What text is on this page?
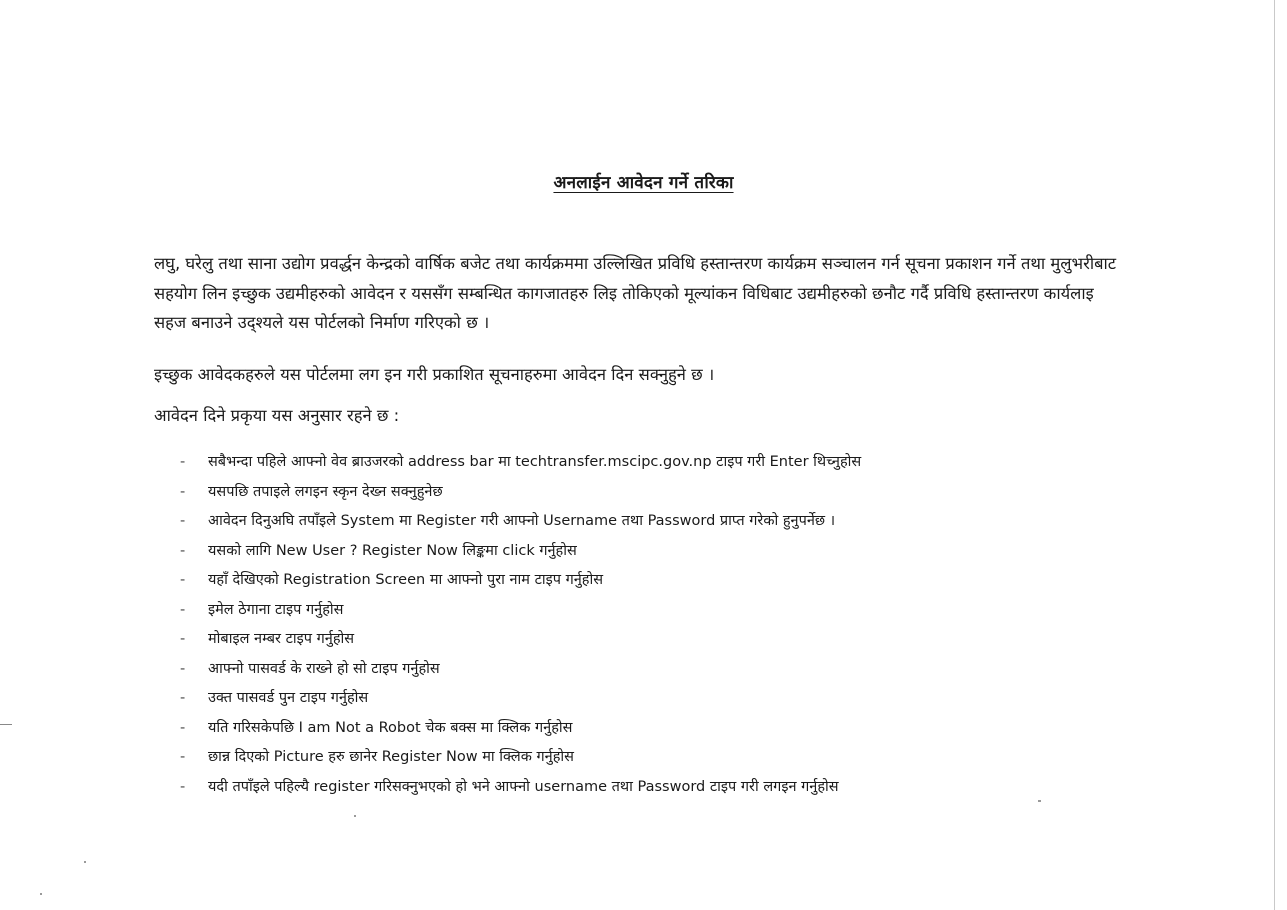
अनलाईन आवेदन गर्ने तरिका
लघु, घरेलु तथा साना उद्योग प्रवर्द्धन केन्द्रको वार्षिक बजेट तथा कार्यक्रममा उल्लिखित प्रविधि हस्तान्तरण कार्यक्रम सञ्चालन गर्न सूचना प्रकाशन गर्ने तथा मुलुभरीबाट सहयोग लिन इच्छुक उद्यमीहरुको आवेदन र यससँग सम्बन्धित कागजातहरु लिइ तोकिएको मूल्यांकन विधिबाट उद्यमीहरुको छनौट गर्दै प्रविधि हस्तान्तरण कार्यलाइ सहज बनाउने उद्श्यले यस पोर्टलको निर्माण गरिएको छ ।
इच्छुक आवेदकहरुले यस पोर्टलमा लग इन गरी प्रकाशित सूचनाहरुमा आवेदन दिन सक्नुहुने छ ।
आवेदन दिने प्रकृया यस अनुसार रहने छ :
- सबैभन्दा पहिले आफ्नो वेव ब्राउजरको address bar मा techtransfer.mscipc.gov.np टाइप गरी Enter थिच्नुहोस
- यसपछि तपाइले लगइन स्कृन देख्न सक्नुहुनेछ
- आवेदन दिनुअघि तपाँइले System मा Register गरी आफ्नो Username तथा Password प्राप्त गरेको हुनुपर्नेछ ।
- यसको लागि New User ? Register Now लिङ्कमा click गर्नुहोस
- यहाँ देखिएको Registration Screen मा आफ्नो पुरा नाम टाइप गर्नुहोस
- इमेल ठेगाना टाइप गर्नुहोस
- मोबाइल नम्बर टाइप गर्नुहोस
- आफ्नो पासवर्ड के राख्ने हो सो टाइप गर्नुहोस
- उक्त पासवर्ड पुन टाइप गर्नुहोस
- यति गरिसकेपछि I am Not a Robot चेक बक्स मा क्लिक गर्नुहोस
- छान्न दिएको Picture हरु छानेर Register Now मा क्लिक गर्नुहोस
- यदी तपाँइले पहिल्यै register गरिसक्नुभएको हो भने आफ्नो username तथा Password टाइप गरी लगइन गर्नुहोस
